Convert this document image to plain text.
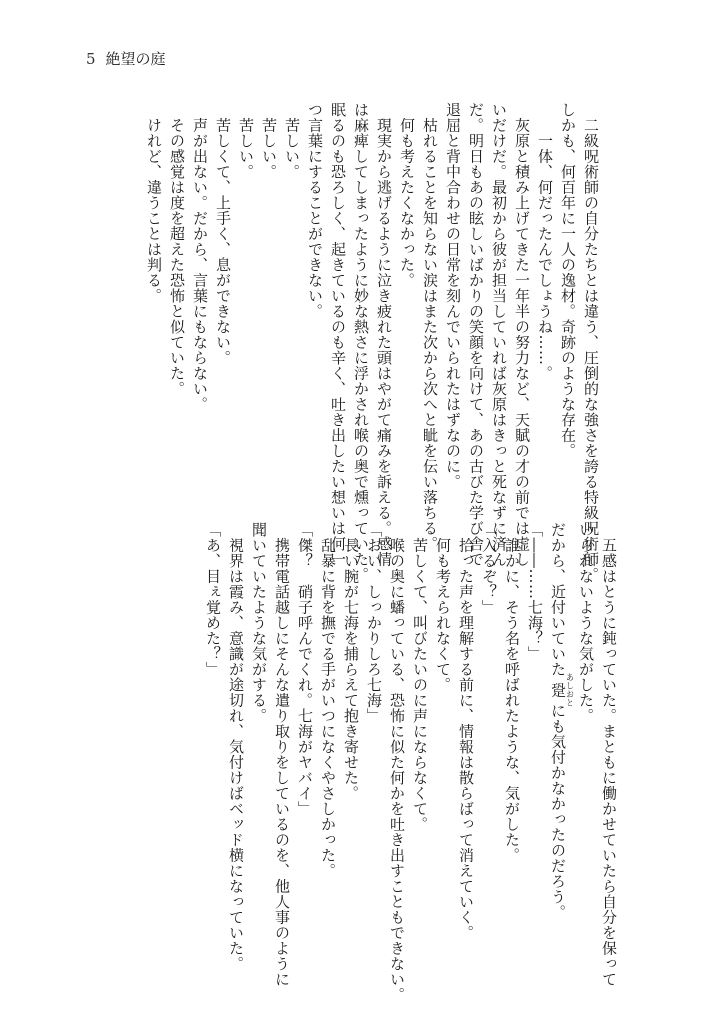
5 絶望の庭
　二級呪術師の自分たちとは違う、圧倒的な強さを誇る特級呪術師。
しかも、何百年に一人の逸材。奇跡のような存在。
　　一体、何だったんでしょうね……。
　灰原と積み上げてきた一年半の努力など、天賦の才の前では虚し
いだけだ。最初から彼が担当していれば灰原はきっと死なずに済ん
だ。明日もあの眩しいばかりの笑顔を向けて、あの古びた学び舎で
退屈と背中合わせの日常を刻んでいられたはずなのに。
　枯れることを知らない涙はまた次から次へと眦を伝い落ちる。
　何も考えたくなかった。
　現実から逃げるように泣き疲れた頭はやがて痛みを訴える。感情
は麻痺してしまったように妙な熱さに浮かされ喉の奥で燻っていた。
眠るのも恐ろしく、起きているのも辛く、吐き出したい想いは何一
つ言葉にすることができない。
　苦しい。
　苦しい。
　苦しい。
　苦しくて、上手く、息ができない。
　声が出ない。だから、言葉にもならない。
　その感覚は度を超えた恐怖と似ていた。
　けれど、違うことは判る。
　五感はとうに鈍っていた。まともに働かせていたら自分を保って
いられないような気がした。
だから、近付いていた跫あしおとにも気付かなかったのだろう。
「――……七海？」
　誰かに、そう名を呼ばれたような、気がした。
「入るぞ？」
　拾った声を理解する前に、情報は散らばって消えていく。
　何も考えられなくて。
　苦しくて、叫びたいのに声にならなくて。
　喉の奥に蟠っている、恐怖に似た何かを吐き出すこともできない。
「おい、しっかりしろ七海」
　長い腕が七海を捕らえて抱き寄せた。
　乱暴に背を撫でる手がいつになくやさしかった。
「傑？　硝子呼んでくれ。七海がヤバイ」
　携帯電話越しにそんな遣り取りをしているのを、他人事のように
聞いていたような気がする。
　視界は霞み、意識が途切れ、気付けばベッド横になっていた。
「あ、目ぇ覚めた？」
